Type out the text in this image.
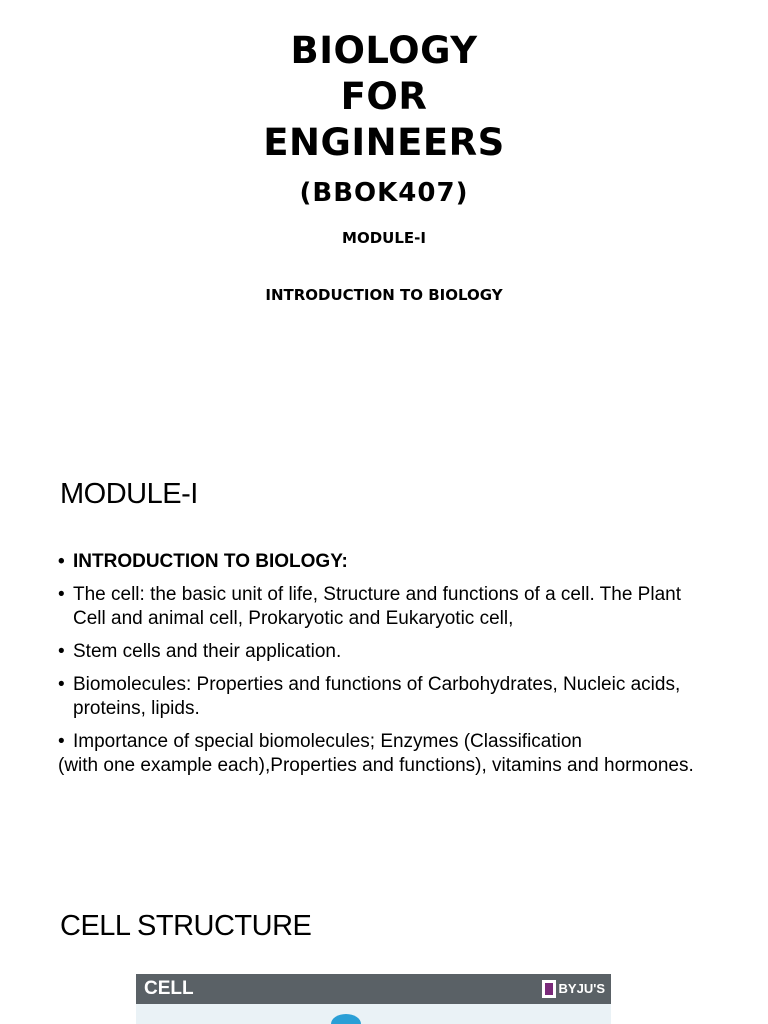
BIOLOGY
FOR
ENGINEERS
(BBOK407)
MODULE-I
INTRODUCTION TO BIOLOGY
MODULE-I
• INTRODUCTION TO BIOLOGY:
• The cell: the basic unit of life, Structure and functions of a cell. The Plant Cell and animal cell, Prokaryotic and Eukaryotic cell,
• Stem cells and their application.
• Biomolecules: Properties and functions of Carbohydrates, Nucleic acids, proteins, lipids.
• Importance of special biomolecules; Enzymes (Classification
(with one example each),Properties and functions), vitamins and hormones.
CELL STRUCTURE
CELL	BYJU'S
